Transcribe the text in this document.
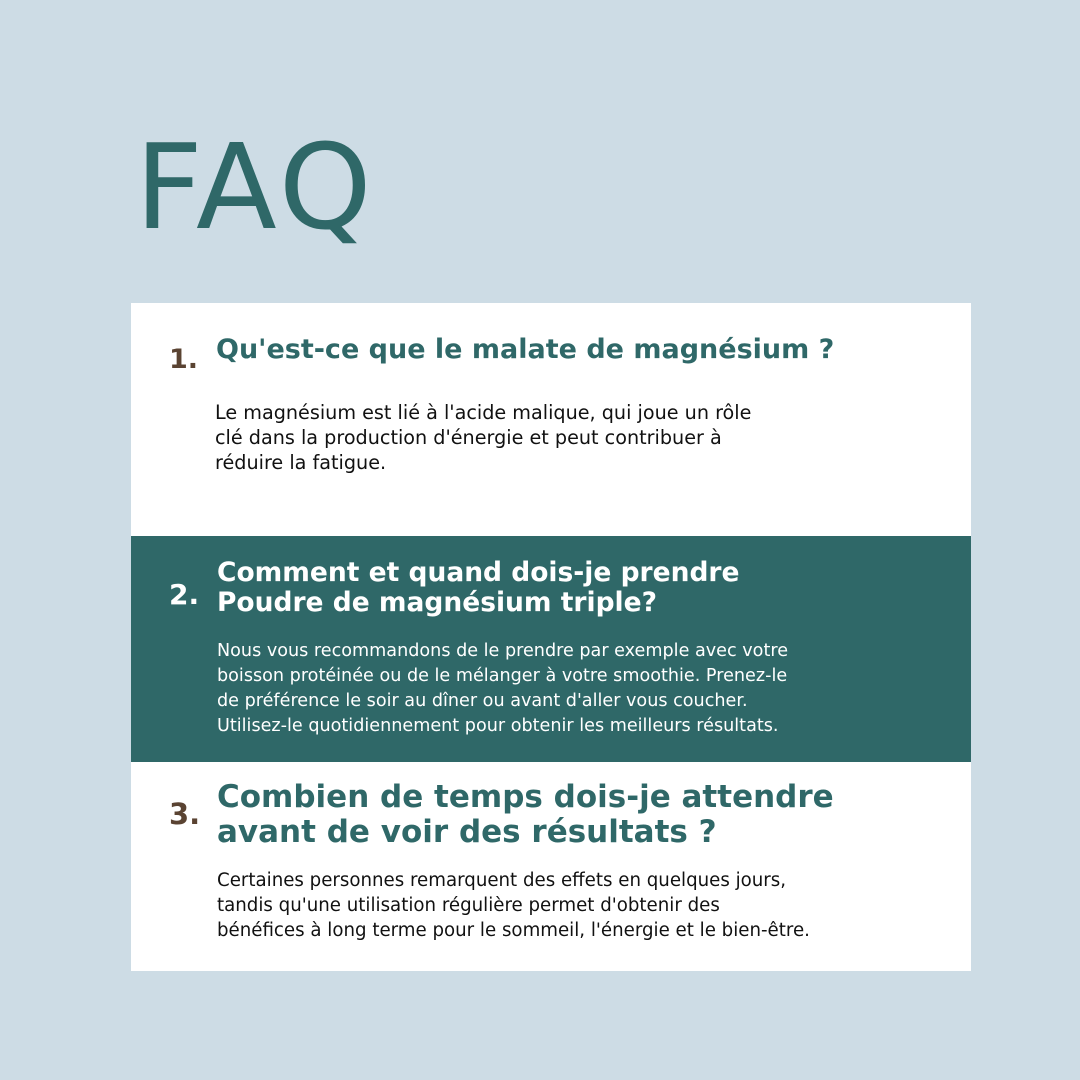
FAQ
1. Qu'est-ce que le malate de magnésium ?

Le magnésium est lié à l'acide malique, qui joue un rôle
clé dans la production d'énergie et peut contribuer à
réduire la fatigue.

2.
Comment et quand dois-je prendre
Poudre de magnésium triple?

Nous vous recommandons de le prendre par exemple avec votre
boisson protéinée ou de le mélanger à votre smoothie. Prenez-le
de préférence le soir au dîner ou avant d'aller vous coucher.
Utilisez-le quotidiennement pour obtenir les meilleurs résultats.

3. Combien de temps dois-je attendre
avant de voir des résultats ?

Certaines personnes remarquent des effets en quelques jours,
tandis qu'une utilisation régulière permet d'obtenir des
bénéfices à long terme pour le sommeil, l'énergie et le bien-être.
